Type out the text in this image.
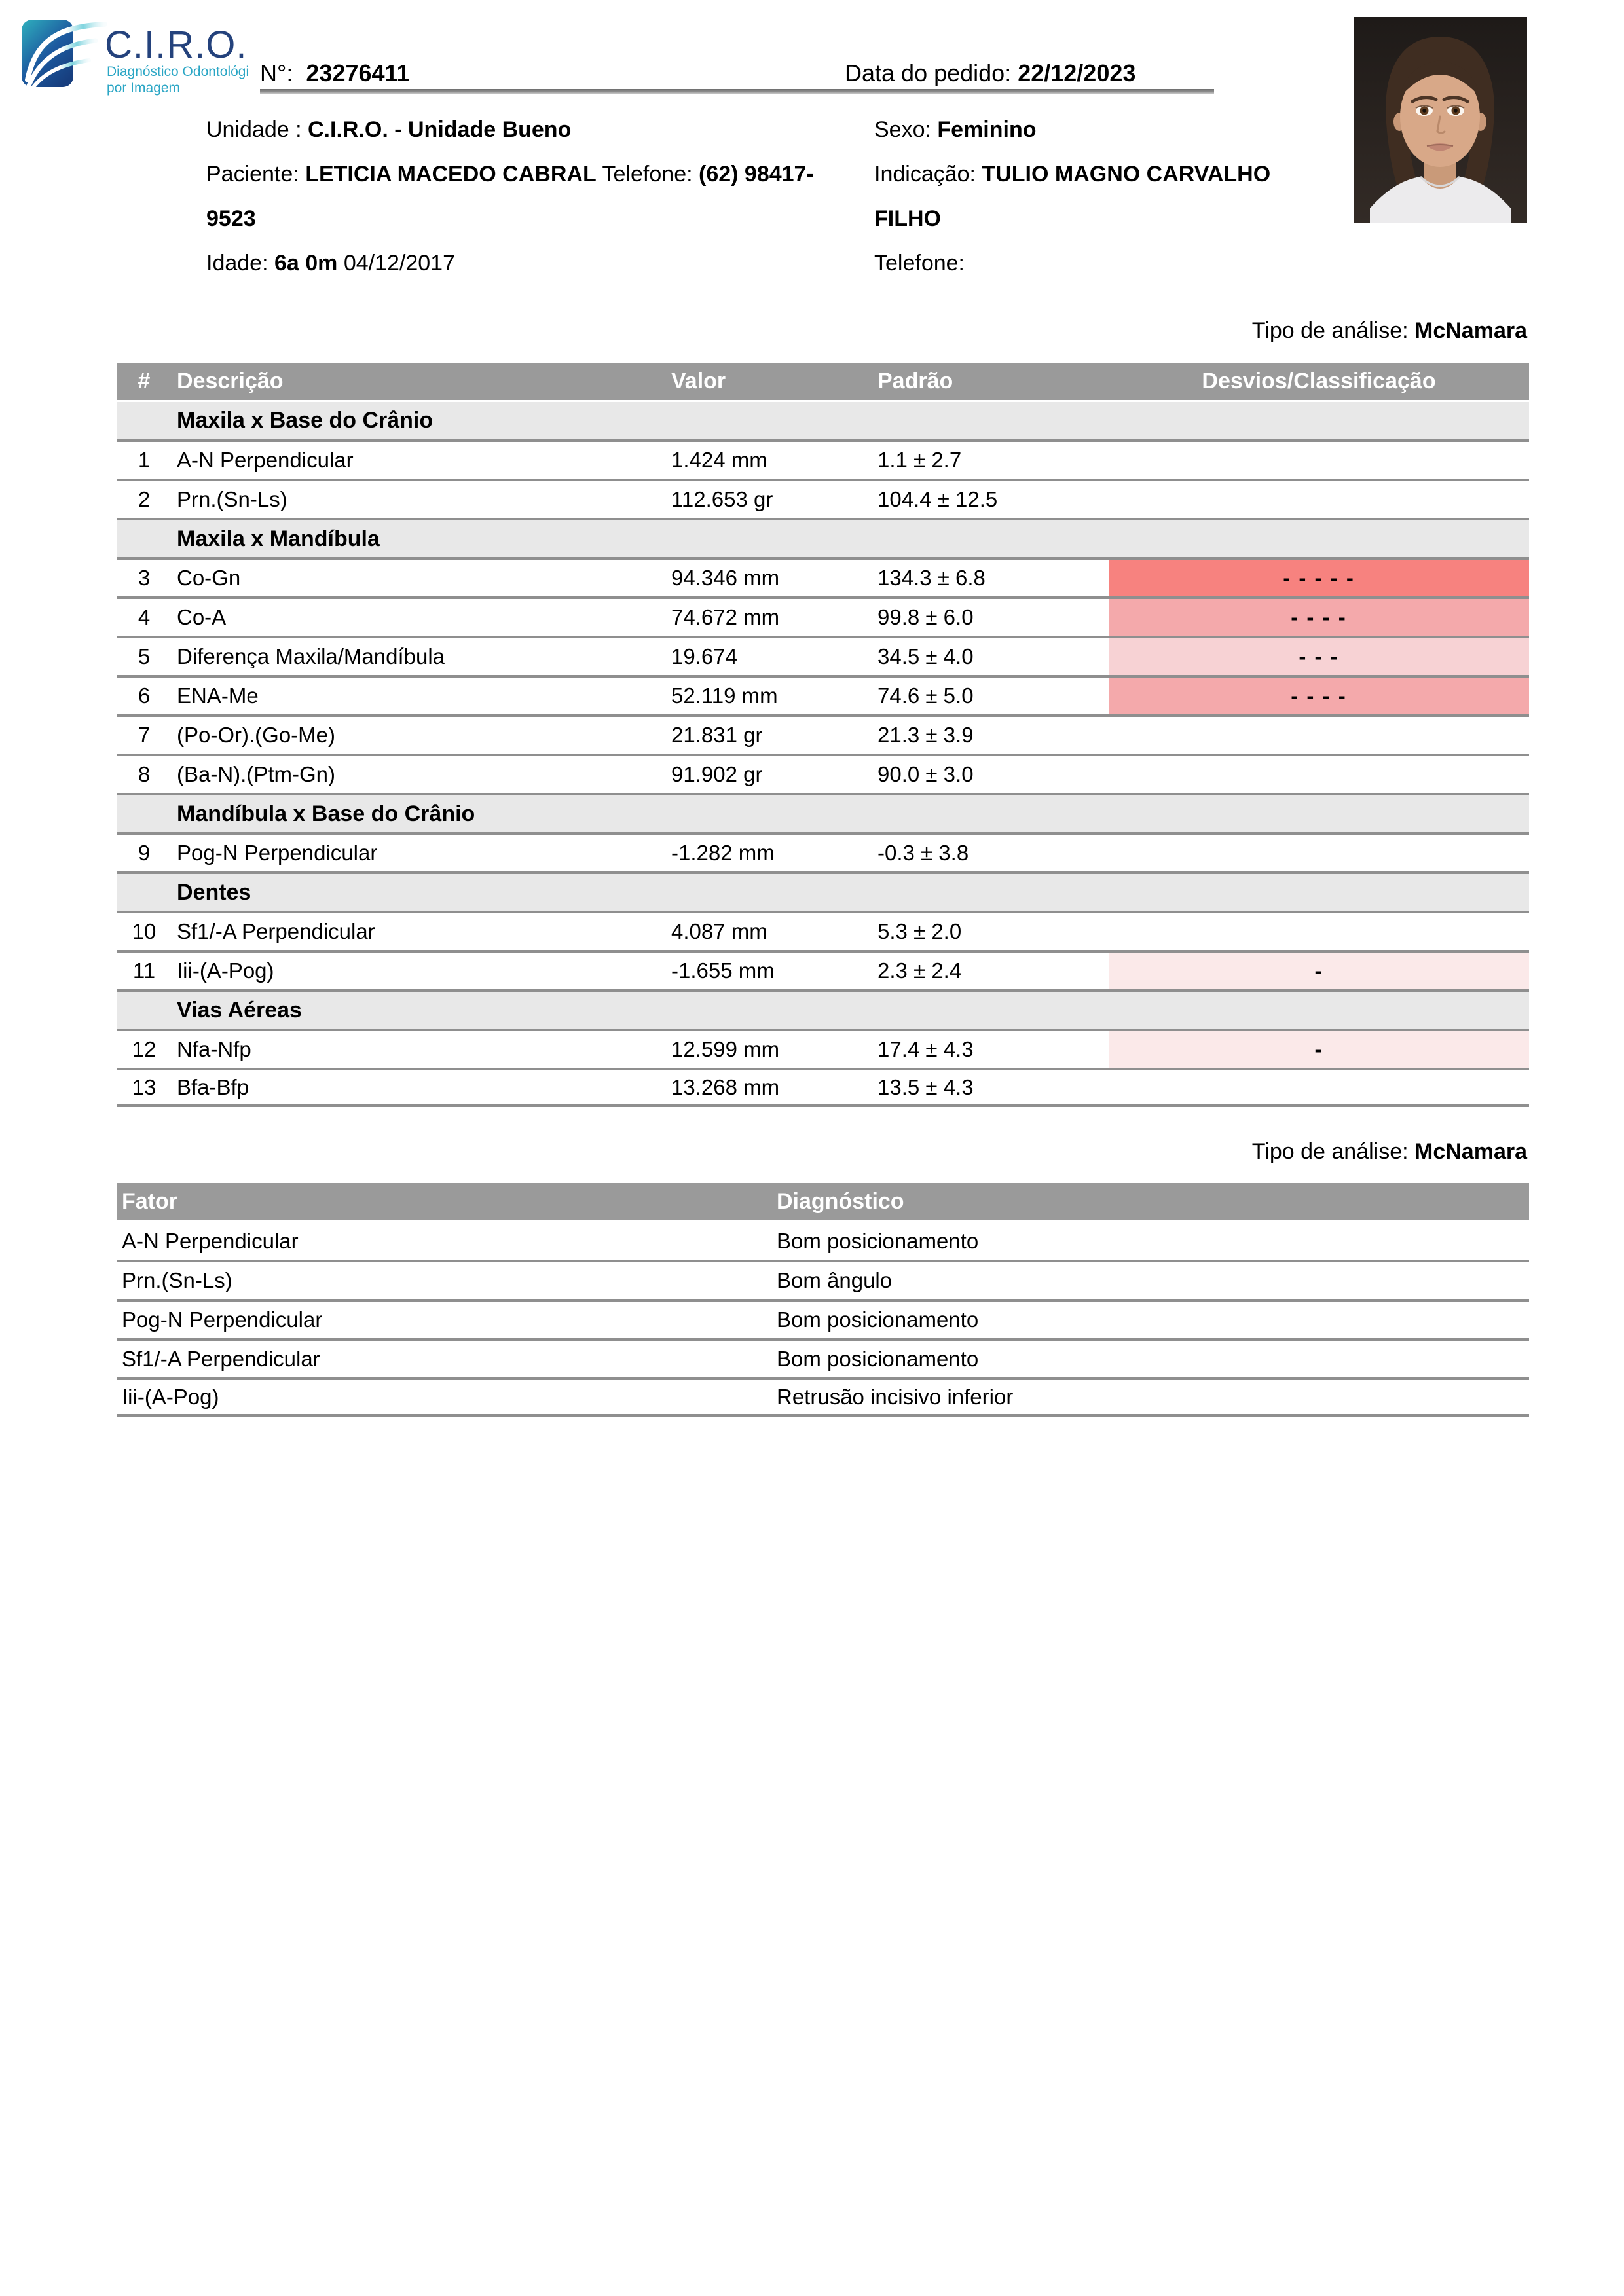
C.I.R.O.
Diagnóstico Odontológico
por Imagem
N°: 23276411	Data do pedido: 22/12/2023
Unidade : C.I.R.O. - Unidade Bueno
Paciente: LETICIA MACEDO CABRAL Telefone: (62) 98417-
9523
Idade: 6a 0m 04/12/2017
Sexo: Feminino
Indicação: TULIO MAGNO CARVALHO
FILHO
Telefone:
Tipo de análise: McNamara
#	Descrição	Valor	Padrão	Desvios/Classificação
Maxila x Base do Crânio
1	A-N Perpendicular	1.424 mm	1.1 ± 2.7
2	Prn.(Sn-Ls)	112.653 gr	104.4 ± 12.5
Maxila x Mandíbula
3	Co-Gn	94.346 mm	134.3 ± 6.8	- - - - -
4	Co-A	74.672 mm	99.8 ± 6.0	- - - -
5	Diferença Maxila/Mandíbula	19.674	34.5 ± 4.0	- - -
6	ENA-Me	52.119 mm	74.6 ± 5.0	- - - -
7	(Po-Or).(Go-Me)	21.831 gr	21.3 ± 3.9
8	(Ba-N).(Ptm-Gn)	91.902 gr	90.0 ± 3.0
Mandíbula x Base do Crânio
9	Pog-N Perpendicular	-1.282 mm	-0.3 ± 3.8
Dentes
10 Sf1/-A Perpendicular	4.087 mm	5.3 ± 2.0
11 Iii-(A-Pog)	-1.655 mm	2.3 ± 2.4	-
Vias Aéreas
12 Nfa-Nfp	12.599 mm	17.4 ± 4.3	-
13 Bfa-Bfp	13.268 mm	13.5 ± 4.3
Tipo de análise: McNamara
Fator	Diagnóstico
A-N Perpendicular	Bom posicionamento
Prn.(Sn-Ls)	Bom ângulo
Pog-N Perpendicular	Bom posicionamento
Sf1/-A Perpendicular	Bom posicionamento
Iii-(A-Pog)	Retrusão incisivo inferior
